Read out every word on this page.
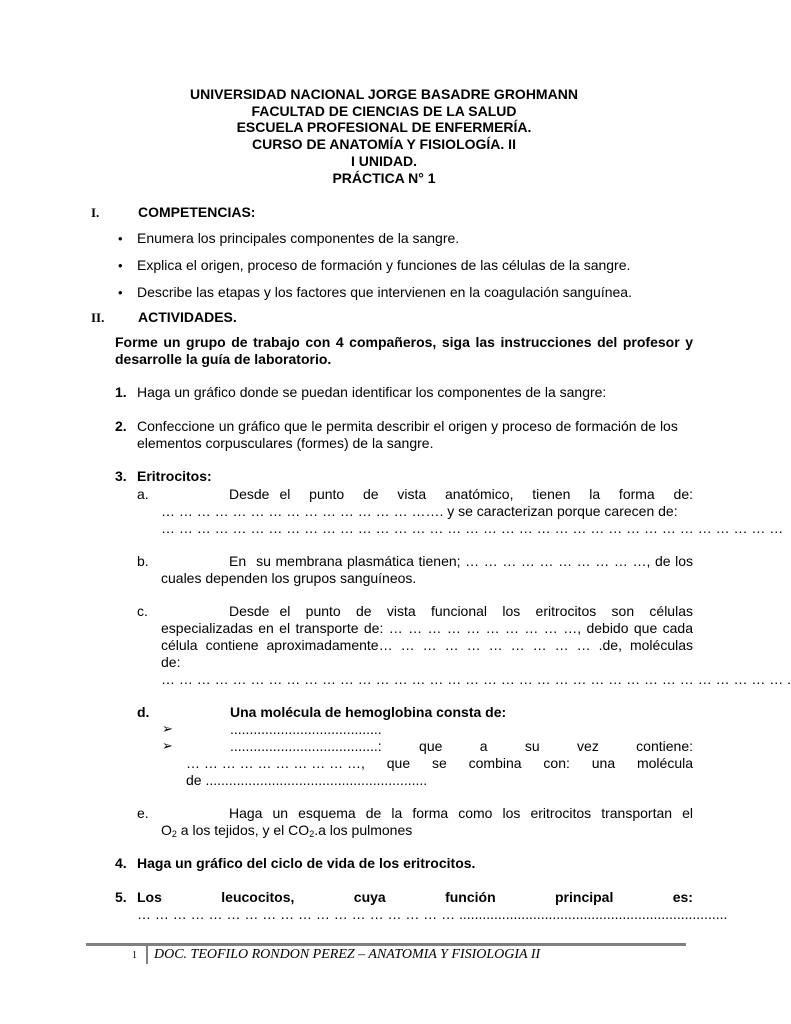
UNIVERSIDAD NACIONAL JORGE BASADRE GROHMANN
FACULTAD DE CIENCIAS DE LA SALUD
ESCUELA PROFESIONAL DE ENFERMERÍA.
CURSO DE ANATOMÍA Y FISIOLOGÍA. II
I UNIDAD.
PRÁCTICA N° 1
I.	COMPETENCIAS:
• Enumera los principales componentes de la sangre.
• Explica el origen, proceso de formación y funciones de las células de la sangre.
• Describe las etapas y los factores que intervienen en la coagulación sanguínea.
II. ACTIVIDADES.
Forme un grupo de trabajo con 4 compañeros, siga las instrucciones del profesor y desarrolle la guía de laboratorio.
1. Haga un gráfico donde se puedan identificar los componentes de la sangre:
2. Confeccione un gráfico que le permita describir el origen y proceso de formación de los elementos corpusculares (formes) de la sangre.
3. Eritrocitos:
a.	Desde el punto de vista anatómico, tienen la forma de:
… … … … … … … … … … … … … … ……. y se caracterizan porque carecen de:
… … … … … … … … … … … … … … … … … … … … … … … … … … … … … … … … … … …
b.	En su membrana plasmática tienen; … … … … … … … … … …, de los
cuales dependen los grupos sanguíneos.
c.	Desde el punto de vista funcional los eritrocitos son células
especializadas en el transporte de: … … … … … … … … … …, debido que cada
célula contiene aproximadamente… … … … … … … … … … .de, moléculas
de:
… … … … … … … … … … … … … … … … … … … … … … … … … … … … … … … … … … … .
d.	Una molécula de hemoglobina consta de:
➢	.......................................
➢	......................................:	que	a	su	vez	contiene:
… … … … … … … … … …, que se combina con: una molécula
de .........................................................
e.	Haga un esquema de la forma como los eritrocitos transportan el
$O_2$ a los tejidos, y el $CO_2.a$ los pulmones
4. Haga un gráfico del ciclo de vida de los eritrocitos.
5. Los	leucocitos,	cuya	función	principal	es:
… … … … … … … … … … … … … … … … … … .....................................................................
1 DOC. TEOFILO RONDON PEREZ – ANATOMIA Y FISIOLOGIA II
